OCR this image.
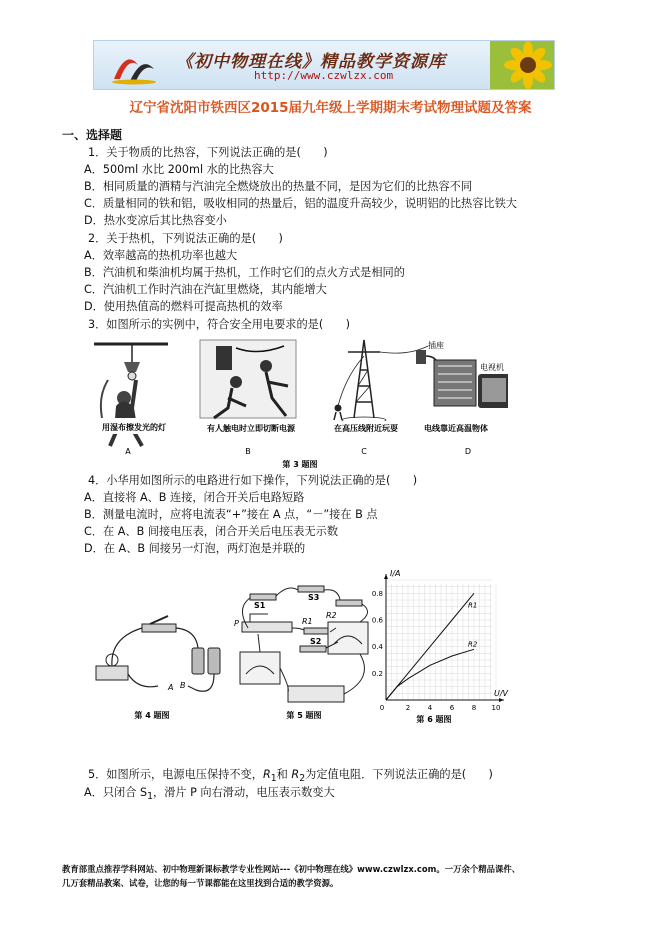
《初中物理在线》精品教学资源库
http://www.czwlzx.com
辽宁省沈阳市铁西区2015届九年级上学期期末考试物理试题及答案
一、选择题
1．关于物质的比热容，下列说法正确的是(　　)
A．500ml 水比 200ml 水的比热容大
B．相同质量的酒精与汽油完全燃烧放出的热量不同，是因为它们的比热容不同
C．质量相同的铁和铝，吸收相同的热量后，铝的温度升高较少，说明铝的比热容比铁大
D．热水变凉后其比热容变小
2．关于热机，下列说法正确的是(　　)
A．效率越高的热机功率也越大
B．汽油机和柴油机均属于热机，工作时它们的点火方式是相同的
C．汽油机工作时汽油在汽缸里燃烧，其内能增大
D．使用热值高的燃料可提高热机的效率
3．如图所示的实例中，符合安全用电要求的是(　　)
用湿布擦发光的灯
A
有人触电时立即切断电源
B
在高压线附近玩耍
C
插座
电视机
电线靠近高温物体
D
第 3 题图
4．小华用如图所示的电路进行如下操作，下列说法正确的是(　　)
A．直接将 A、B 连接，闭合开关后电路短路
B．测量电流时，应将电流表“+”接在 A 点，“－”接在 B 点
C．在 A、B 间接电压表，闭合开关后电压表无示数
D．在 A、B 间接另一灯泡，两灯泡是并联的
A B
第 4 题图
S1
S3
S2
P	R1
R2
第 5 题图
0	2	4	6	8 10
0.2
0.4
0.6
0.8
R1
R2
I/A
U/V
第 6 题图
5．如图所示，电源电压保持不变，$R_1$和 $R_2$为定值电阻．下列说法正确的是(　　)
A．只闭合 $S_1$，滑片 P 向右滑动，电压表示数变大
教育部重点推荐学科网站、初中物理新课标教学专业性网站---《初中物理在线》www.czwlzx.com。一万余个精品课件、
几万套精品教案、试卷，让您的每一节课都能在这里找到合适的教学资源。
